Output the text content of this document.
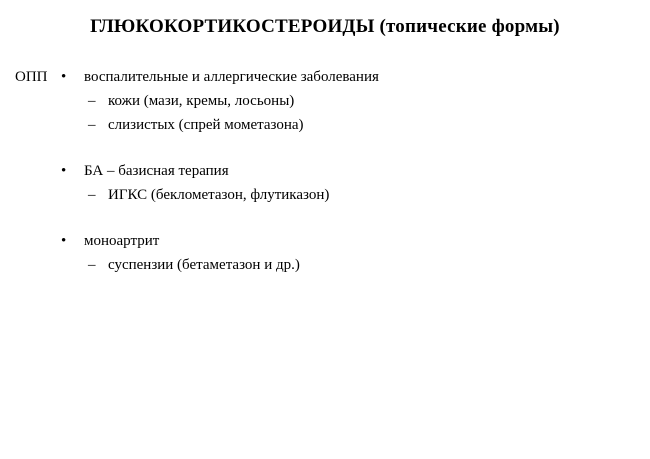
ГЛЮКОКОРТИКОСТЕРОИДЫ (топические формы)
ОПП • воспалительные и аллергические заболевания
– кожи (мази, кремы, лосьоны)
– слизистых (спрей мометазона)
• БА – базисная терапия
– ИГКС (беклометазон, флутиказон)
• моноартрит
– суспензии (бетаметазон и др.)
